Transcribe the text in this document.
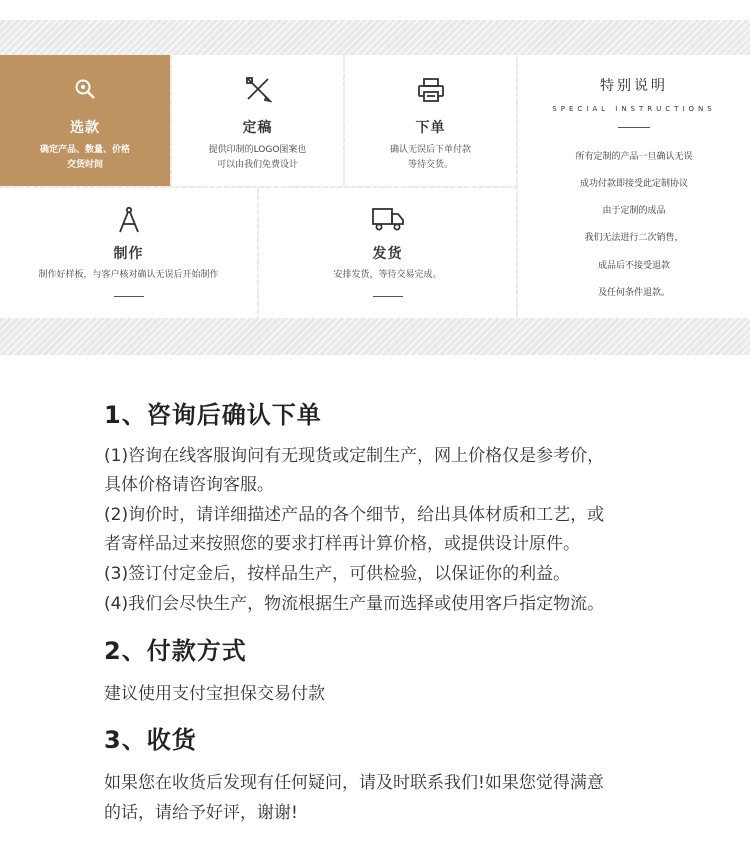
选款
确定产品、数量、价格
交货时间
定稿
提供印制的LOGO图案也
可以由我们免费设计
下单
确认无误后下单付款
等待交货。
特别说明
SPECIAL INSTRUCTIONS
所有定制的产品一旦确认无误
成功付款即接受此定制协议
由于定制的成品
我们无法进行二次销售，
成品后不接受退款
及任何条件退款。
制作
制作好样板，与客户核对确认无误后开始制作
发货
安排发货，等待交易完成。
1、咨询后确认下单
(1)咨询在线客服询问有无现货或定制生产，网上价格仅是参考价，
具体价格请咨询客服。
(2)询价时，请详细描述产品的各个细节，给出具体材质和工艺，或
者寄样品过来按照您的要求打样再计算价格，或提供设计原件。
(3)签订付定金后，按样品生产，可供检验，以保证你的利益。
(4)我们会尽快生产，物流根据生产量而选择或使用客戶指定物流。
2、付款方式
建议使用支付宝担保交易付款
3、收货
如果您在收货后发现有任何疑问，请及时联系我们!如果您觉得满意
的话，请给予好评，谢谢!
